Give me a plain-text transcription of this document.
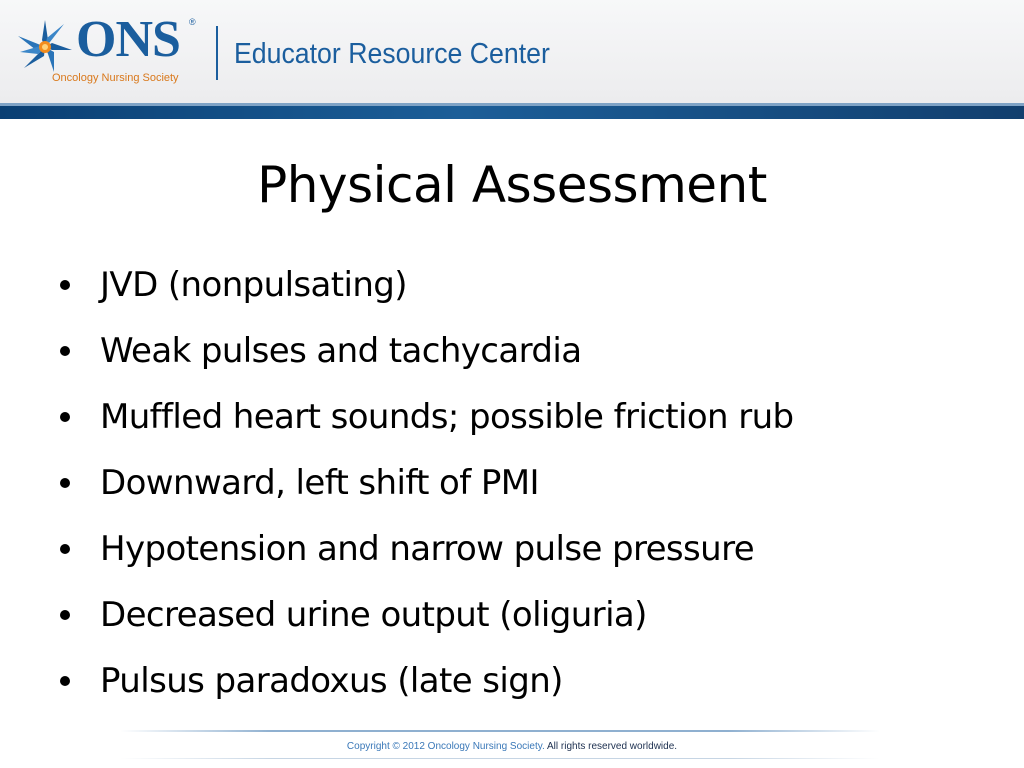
ONS ®
Oncology Nursing Society
Educator Resource Center
Physical Assessment
JVD (nonpulsating)
Weak pulses and tachycardia
Muffled heart sounds; possible friction rub
Downward, left shift of PMI
Hypotension and narrow pulse pressure
Decreased urine output (oliguria)
Pulsus paradoxus (late sign)
Copyright © 2012 Oncology Nursing Society. All rights reserved worldwide.
